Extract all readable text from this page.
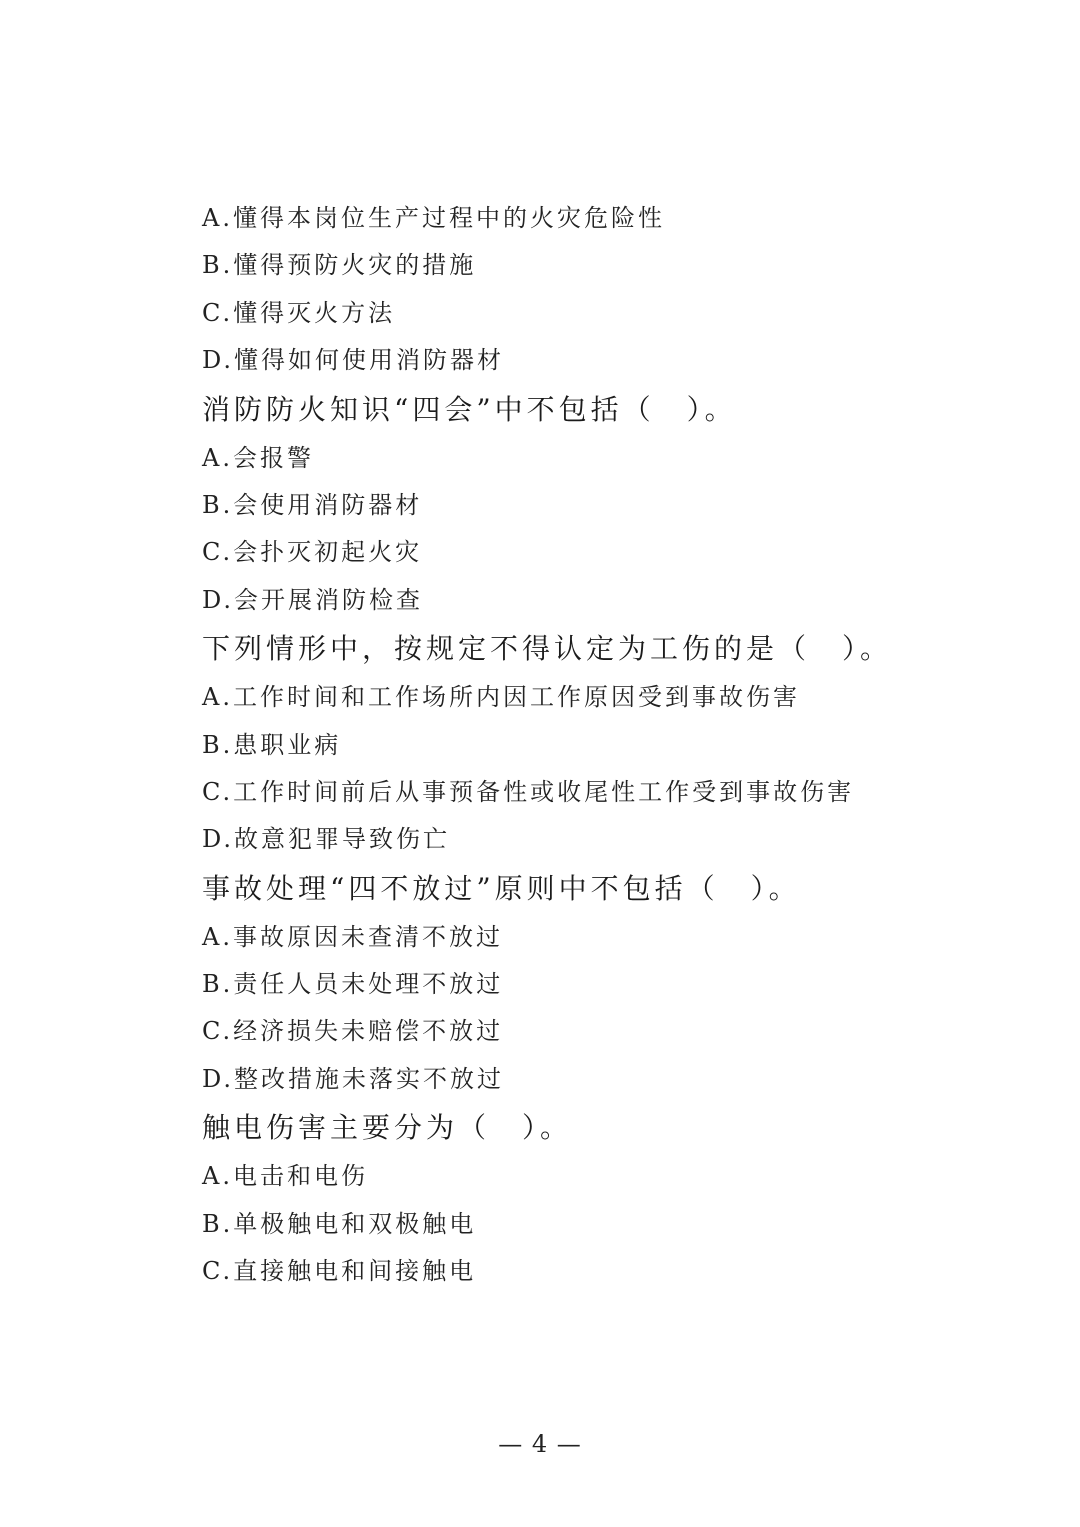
A.懂得本岗位生产过程中的火灾危险性
B.懂得预防火灾的措施
C.懂得灭火方法
D.懂得如何使用消防器材
消防防火知识“四会”中不包括（　）。
A.会报警
B.会使用消防器材
C.会扑灭初起火灾
D.会开展消防检查
下列情形中，按规定不得认定为工伤的是（　）。
A.工作时间和工作场所内因工作原因受到事故伤害
B.患职业病
C.工作时间前后从事预备性或收尾性工作受到事故伤害
D.故意犯罪导致伤亡
事故处理“四不放过”原则中不包括（　）。
A.事故原因未查清不放过
B.责任人员未处理不放过
C.经济损失未赔偿不放过
D.整改措施未落实不放过
触电伤害主要分为（　）。
A.电击和电伤
B.单极触电和双极触电
C.直接触电和间接触电
— 4 —
